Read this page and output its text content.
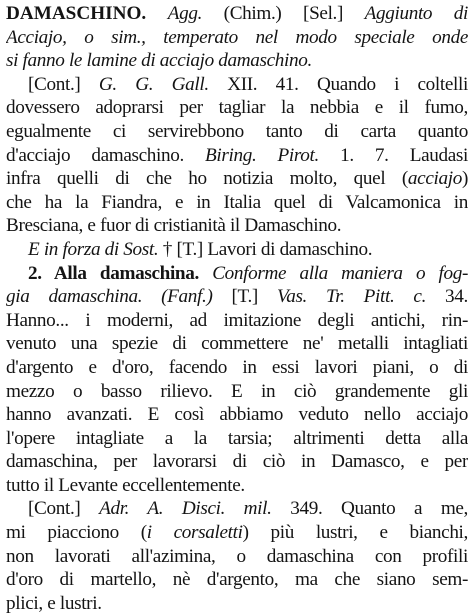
DAMASCHINO. Agg. (Chim.) [Sel.] Aggiunto di
Acciajo, o sim., temperato nel modo speciale onde
si fanno le lamine di acciajo damaschino.
[Cont.] G. G. Gall. XII. 41. Quando i coltelli
dovessero adoprarsi per tagliar la nebbia e il fumo,
egualmente ci servirebbono tanto di carta quanto
d'acciajo damaschino. Biring. Pirot. 1. 7. Laudasi
infra quelli di che ho notizia molto, quel (acciajo)
che ha la Fiandra, e in Italia quel di Valcamonica in
Bresciana, e fuor di cristianità il Damaschino.
E in forza di Sost. † [T.] Lavori di damaschino.
2. Alla damaschina. Conforme alla maniera o fog-
gia damaschina. (Fanf.) [T.] Vas. Tr. Pitt. c. 34.
Hanno... i moderni, ad imitazione degli antichi, rin-
venuto una spezie di commettere ne' metalli intagliati
d'argento e d'oro, facendo in essi lavori piani, o di
mezzo o basso rilievo. E in ciò grandemente gli
hanno avanzati. E così abbiamo veduto nello acciajo
l'opere intagliate a la tarsia; altrimenti detta alla
damaschina, per lavorarsi di ciò in Damasco, e per
tutto il Levante eccellentemente.
[Cont.] Adr. A. Disci. mil. 349. Quanto a me,
mi piacciono (i corsaletti) più lustri, e bianchi,
non lavorati all'azimina, o damaschina con profili
d'oro di martello, nè d'argento, ma che siano sem-
plici, e lustri.
